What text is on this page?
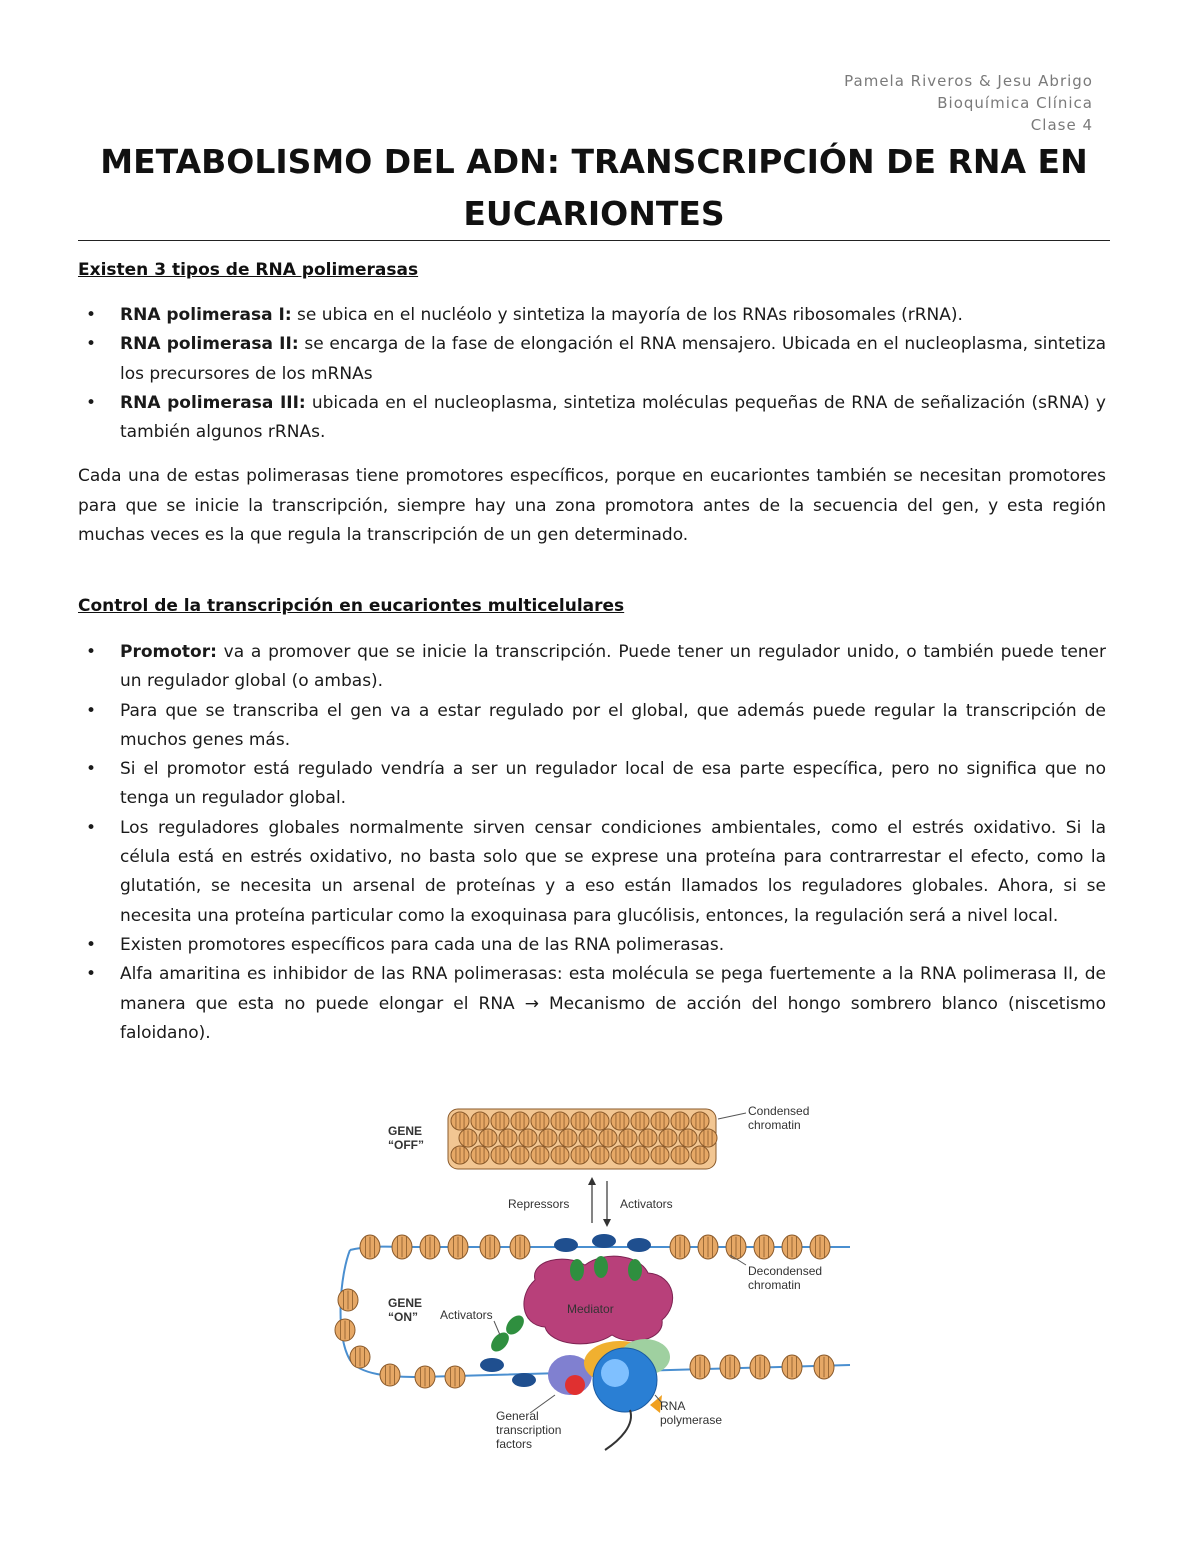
Pamela Riveros & Jesu Abrigo
Bioquímica Clínica
Clase 4
METABOLISMO DEL ADN: TRANSCRIPCIÓN DE RNA EN
EUCARIONTES
Existen 3 tipos de RNA polimerasas
• RNA polimerasa I: se ubica en el nucléolo y sintetiza la mayoría de los RNAs ribosomales (rRNA).
• RNA polimerasa II: se encarga de la fase de elongación el RNA mensajero. Ubicada en el nucleoplasma, sintetiza los precursores de los mRNAs
• RNA polimerasa III: ubicada en el nucleoplasma, sintetiza moléculas pequeñas de RNA de señalización (sRNA) y también algunos rRNAs.

Cada una de estas polimerasas tiene promotores específicos, porque en eucariontes también se necesitan promotores para que se inicie la transcripción, siempre hay una zona promotora antes de la secuencia del gen, y esta región muchas veces es la que regula la transcripción de un gen determinado.

Control de la transcripción en eucariontes multicelulares
• Promotor: va a promover que se inicie la transcripción. Puede tener un regulador unido, o también puede tener un regulador global (o ambas).
• Para que se transcriba el gen va a estar regulado por el global, que además puede regular la transcripción de muchos genes más.
• Si el promotor está regulado vendría a ser un regulador local de esa parte específica, pero no significa que no tenga un regulador global.
• Los reguladores globales normalmente sirven censar condiciones ambientales, como el estrés oxidativo. Si la célula está en estrés oxidativo, no basta solo que se exprese una proteína para contrarrestar el efecto, como la glutatión, se necesita un arsenal de proteínas y a eso están llamados los reguladores globales. Ahora, si se necesita una proteína particular como la exoquinasa para glucólisis, entonces, la regulación será a nivel local.
• Existen promotores específicos para cada una de las RNA polimerasas.
• Alfa amaritina es inhibidor de las RNA polimerasas: esta molécula se pega fuertemente a la RNA polimerasa II, de manera que esta no puede elongar el RNA → Mecanismo de acción del hongo sombrero blanco (niscetismo faloidano).
GENE
“OFF”
Condensed
chromatin
Repressors	Activators
Mediator
Activators
GENE
“ON”
General
transcription
factors
RNA
polymerase
Decondensed
chromatin
